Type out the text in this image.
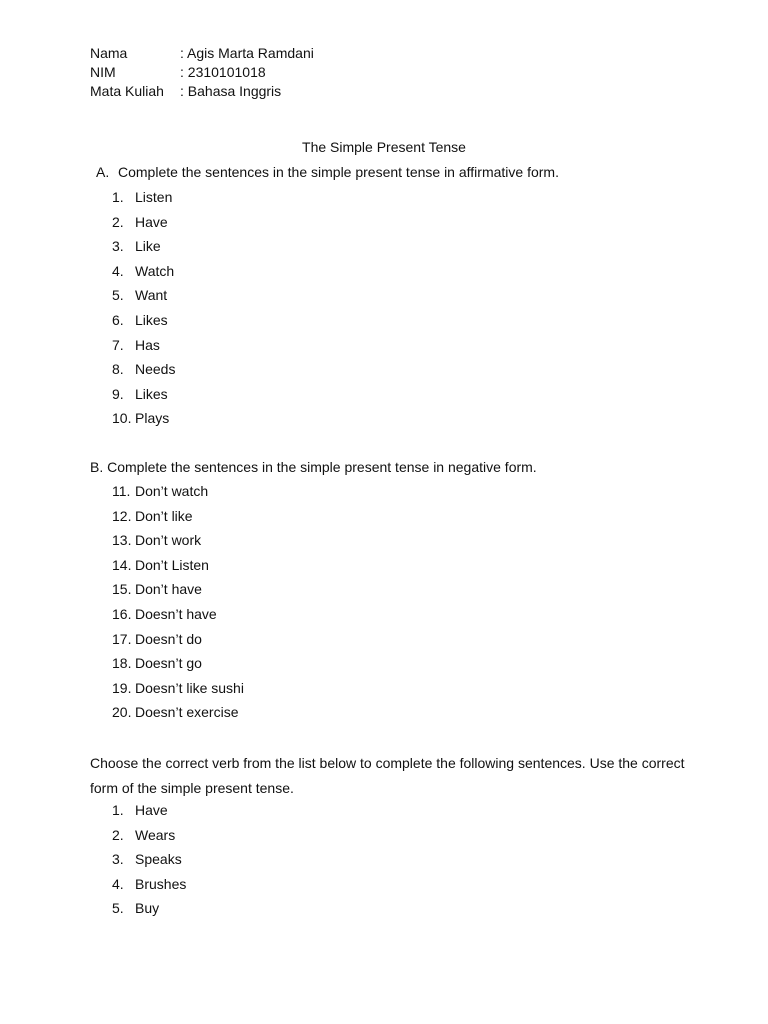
Nama	: Agis Marta Ramdani
NIM	: 2310101018
Mata Kuliah : Bahasa Inggris
The Simple Present Tense
A. Complete the sentences in the simple present tense in affirmative form.
1. Listen
2. Have
3. Like
4. Watch
5. Want
6. Likes
7. Has
8. Needs
9. Likes
10. Plays
B. Complete the sentences in the simple present tense in negative form.
11. Don’t watch
12. Don’t like
13. Don’t work
14. Don’t Listen
15. Don’t have
16. Doesn’t have
17. Doesn’t do
18. Doesn’t go
19. Doesn’t like sushi
20. Doesn’t exercise
Choose the correct verb from the list below to complete the following sentences. Use the correct form of the simple present tense.
1. Have
2. Wears
3. Speaks
4. Brushes
5. Buy
